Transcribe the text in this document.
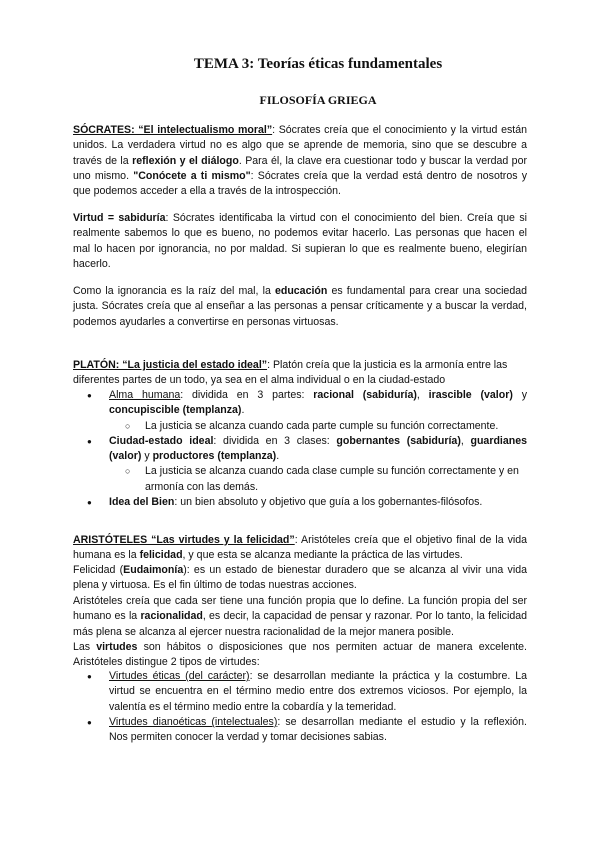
TEMA 3: Teorías éticas fundamentales
FILOSOFÍA GRIEGA

SÓCRATES: “El intelectualismo moral”: Sócrates creía que el conocimiento y la virtud están unidos. La verdadera virtud no es algo que se aprende de memoria, sino que se descubre a través de la reflexión y el diálogo. Para él, la clave era cuestionar todo y buscar la verdad por uno mismo. "Conócete a ti mismo": Sócrates creía que la verdad está dentro de nosotros y que podemos acceder a ella a través de la introspección.

Virtud = sabiduría: Sócrates identificaba la virtud con el conocimiento del bien. Creía que si realmente sabemos lo que es bueno, no podemos evitar hacerlo. Las personas que hacen el mal lo hacen por ignorancia, no por maldad. Si supieran lo que es realmente bueno, elegirían hacerlo.

Como la ignorancia es la raíz del mal, la educación es fundamental para crear una sociedad justa. Sócrates creía que al enseñar a las personas a pensar críticamente y a buscar la verdad, podemos ayudarles a convertirse en personas virtuosas.

PLATÓN: “La justicia del estado ideal”: Platón creía que la justicia es la armonía entre las diferentes partes de un todo, ya sea en el alma individual o en la ciudad-estado

● Alma humana: dividida en 3 partes: racional (sabiduría), irascible (valor) y concupiscible (templanza).
○ La justicia se alcanza cuando cada parte cumple su función correctamente.
● Ciudad-estado ideal: dividida en 3 clases: gobernantes (sabiduría), guardianes (valor) y productores (templanza).
○ La justicia se alcanza cuando cada clase cumple su función correctamente y en armonía con las demás.
● Idea del Bien: un bien absoluto y objetivo que guía a los gobernantes-filósofos.

ARISTÓTELES “Las virtudes y la felicidad”: Aristóteles creía que el objetivo final de la vida humana es la felicidad, y que esta se alcanza mediante la práctica de las virtudes.

Felicidad (Eudaimonía): es un estado de bienestar duradero que se alcanza al vivir una vida plena y virtuosa. Es el fin último de todas nuestras acciones.

Aristóteles creía que cada ser tiene una función propia que lo define. La función propia del ser humano es la racionalidad, es decir, la capacidad de pensar y razonar. Por lo tanto, la felicidad más plena se alcanza al ejercer nuestra racionalidad de la mejor manera posible.

Las virtudes son hábitos o disposiciones que nos permiten actuar de manera excelente. Aristóteles distingue 2 tipos de virtudes:

● Virtudes éticas (del carácter): se desarrollan mediante la práctica y la costumbre. La virtud se encuentra en el término medio entre dos extremos viciosos. Por ejemplo, la valentía es el término medio entre la cobardía y la temeridad.
● Virtudes dianoéticas (intelectuales): se desarrollan mediante el estudio y la reflexión. Nos permiten conocer la verdad y tomar decisiones sabias.
